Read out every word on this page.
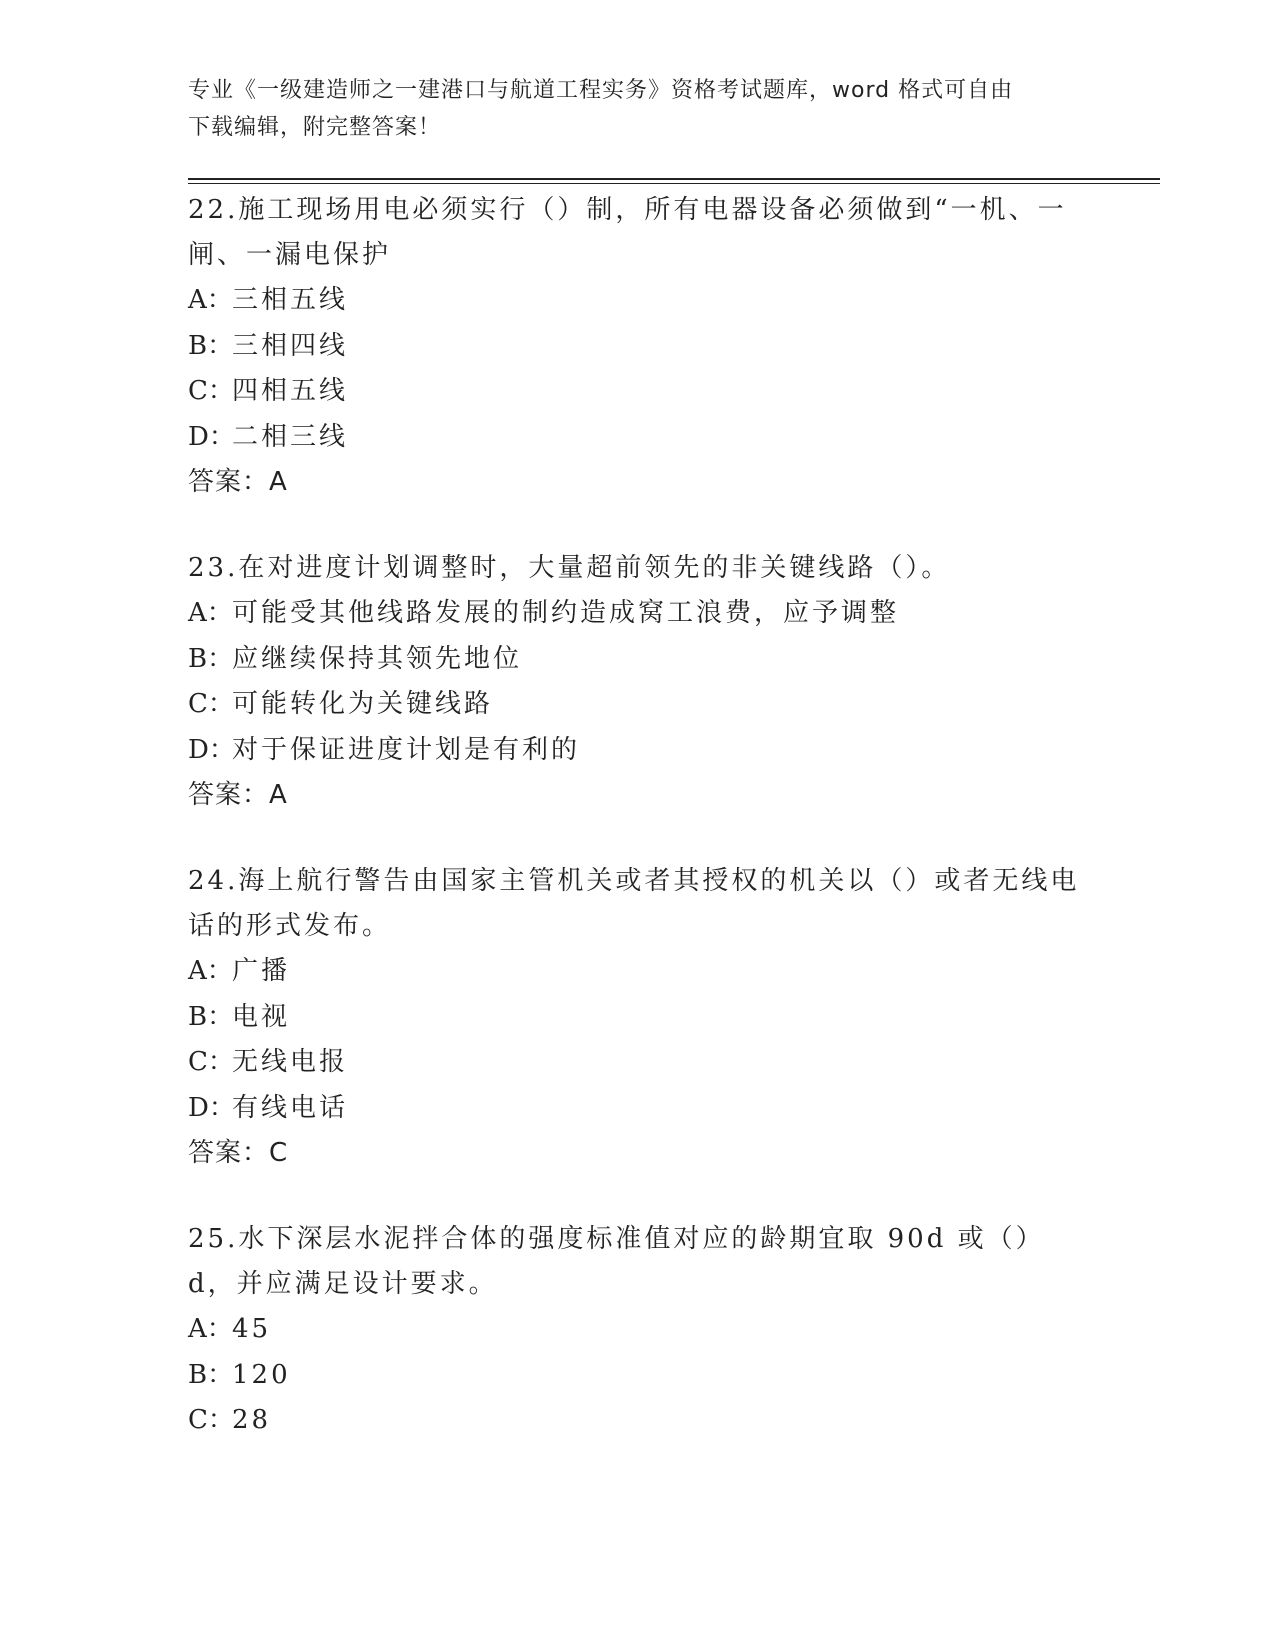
专业《一级建造师之一建港口与航道工程实务》资格考试题库，word 格式可自由
下载编辑，附完整答案！

22.施工现场用电必须实行（）制，所有电器设备必须做到“一机、一闸、一漏电保护

A：三相五线
B：三相四线
C：四相五线
D：二相三线

答案：A

23.在对进度计划调整时，大量超前领先的非关键线路（）。

A：可能受其他线路发展的制约造成窝工浪费，应予调整
B：应继续保持其领先地位
C：可能转化为关键线路
D：对于保证进度计划是有利的

答案：A

24.海上航行警告由国家主管机关或者其授权的机关以（）或者无线电话的形式发布。

A：广播
B：电视
C：无线电报
D：有线电话

答案：C

25.水下深层水泥拌合体的强度标准值对应的龄期宜取 90d 或（）d，并应满足设计要求。

A：45
B：120
C：28
